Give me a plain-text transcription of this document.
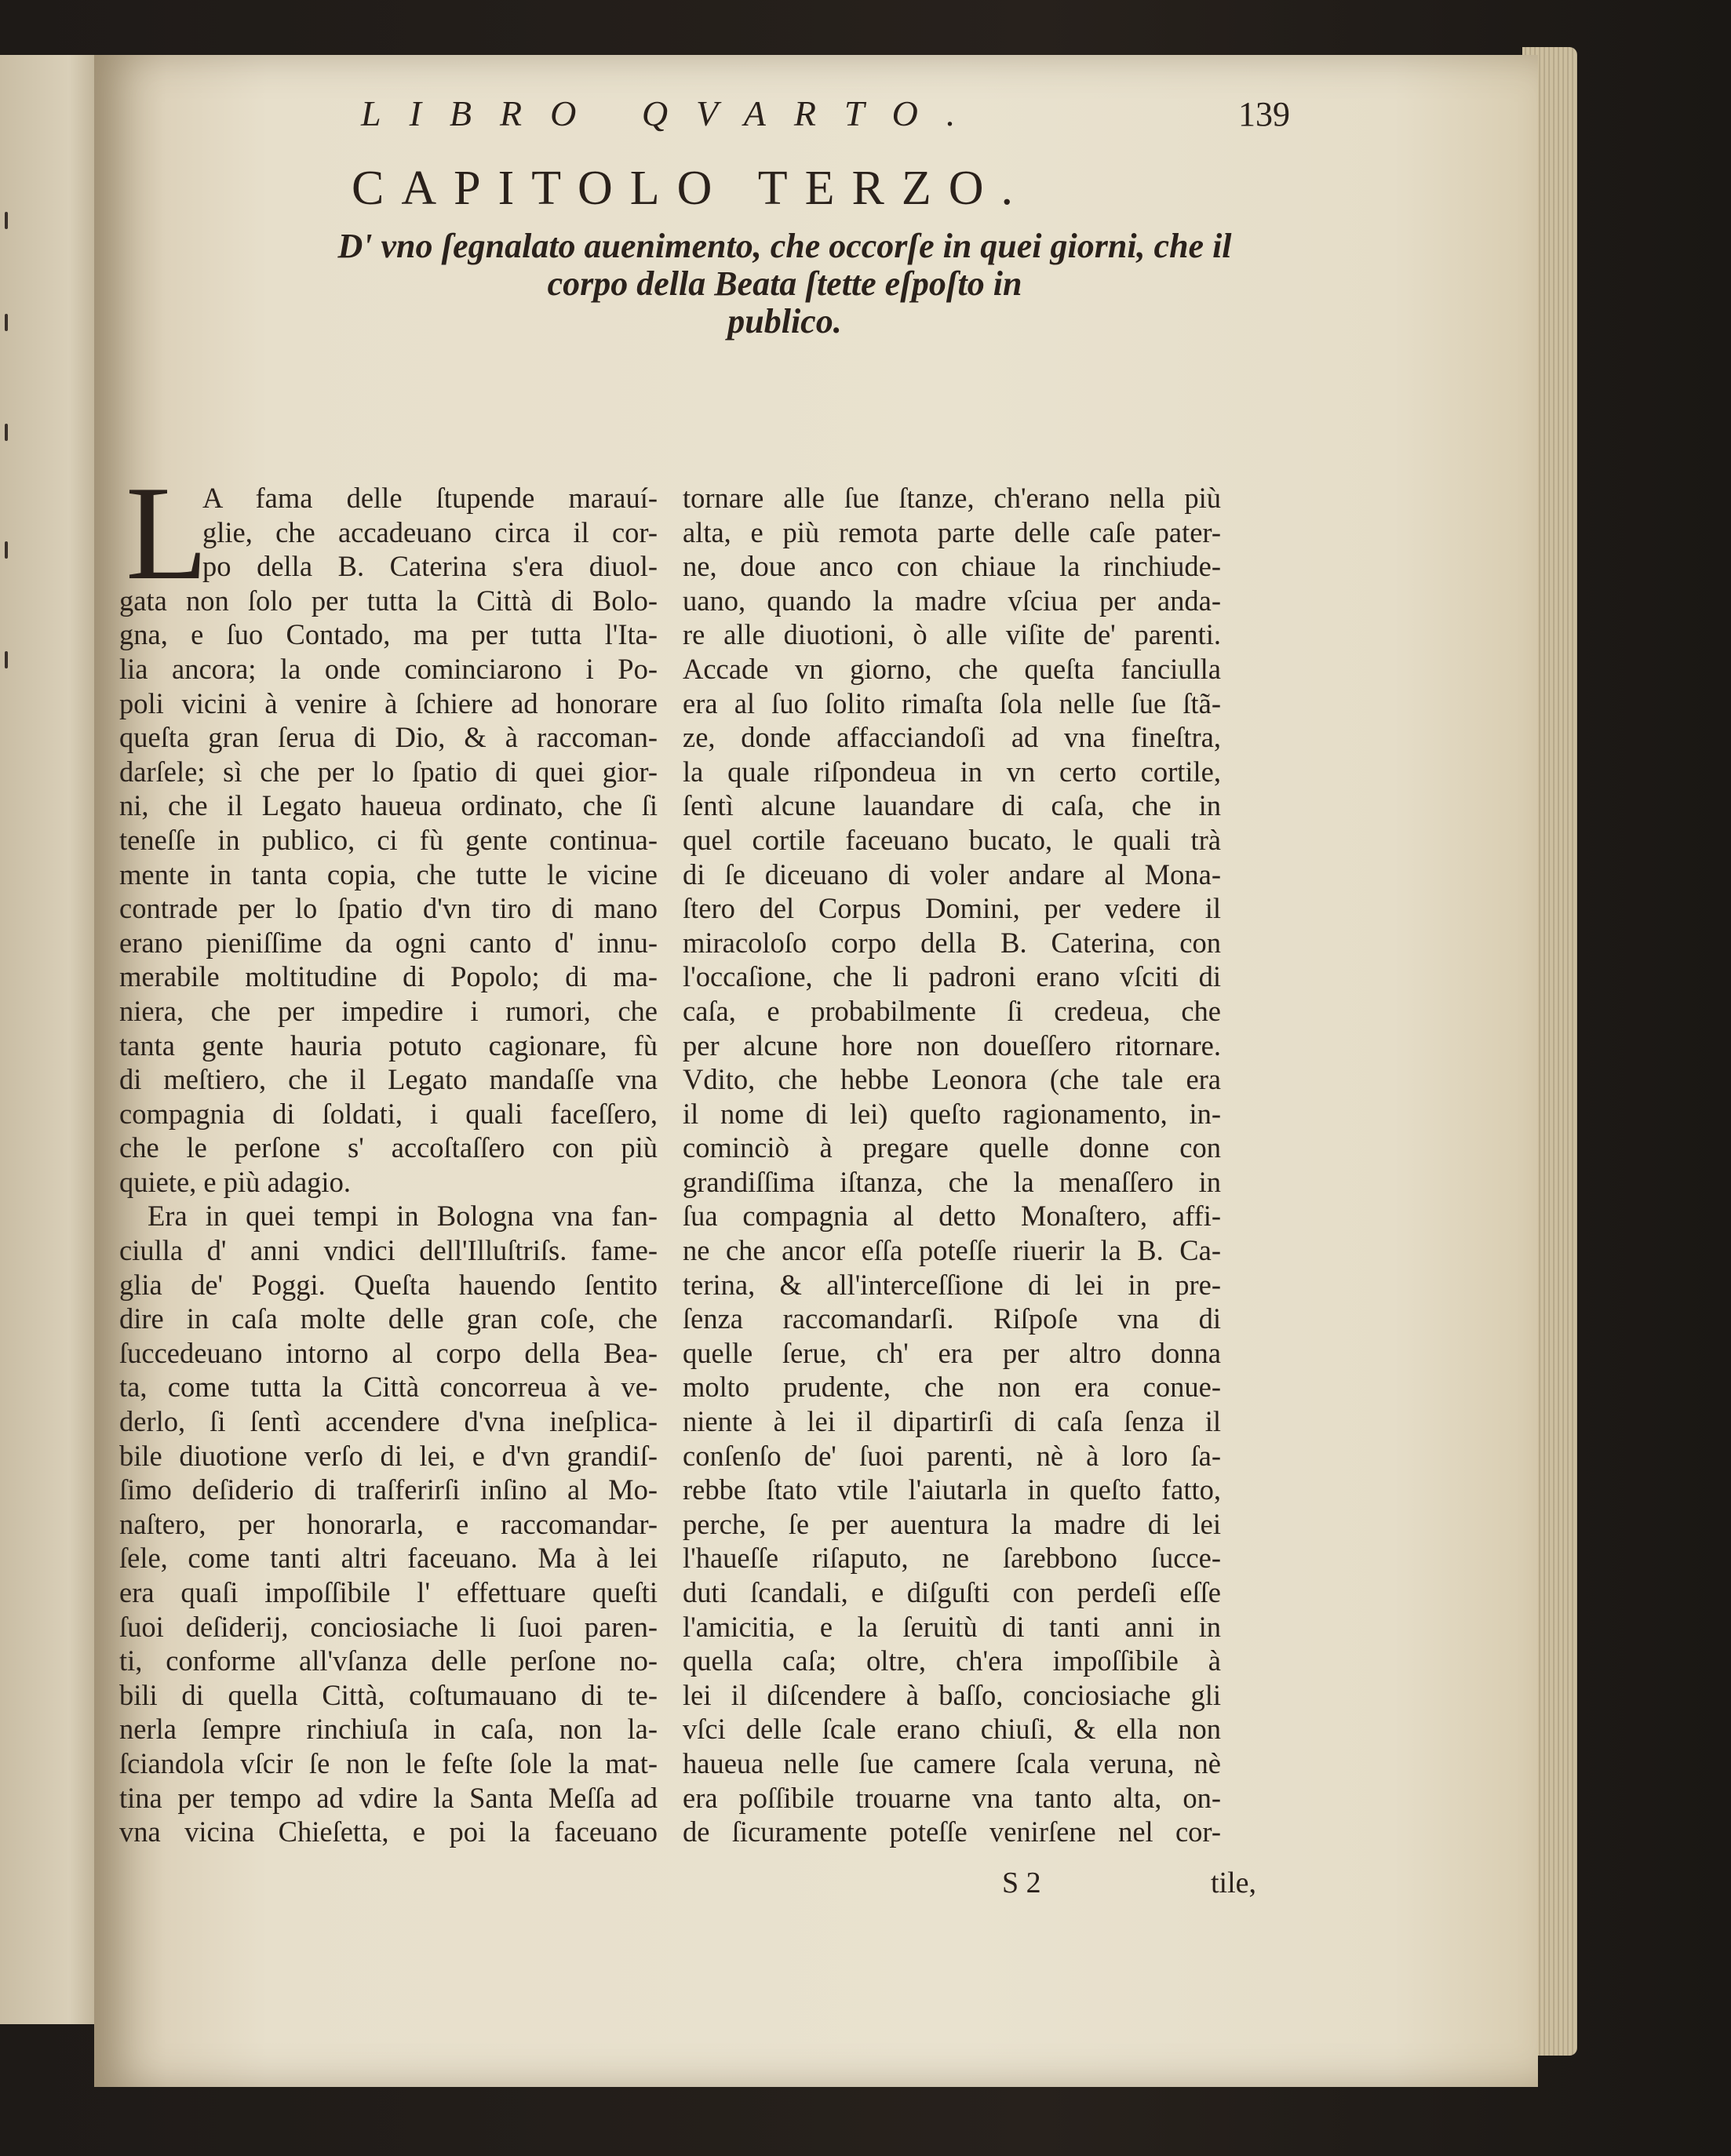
LIBRO QVARTO.	139
CAPITOLO TERZO.
D' vno ſegnalato auenimento, che occorſe in quei giorni, che il
corpo della Beata ſtette eſpoſto in
publico.
L
A fama delle ſtupende marauí-
glie, che accadeuano circa il cor-
po della B. Caterina s'era diuol-
gata non ſolo per tutta la Città di Bolo-
gna, e ſuo Contado, ma per tutta l'Ita-
lia ancora; la onde cominciarono i Po-
poli vicini à venire à ſchiere ad honorare
queſta gran ſerua di Dio, & à raccoman-
darſele; sì che per lo ſpatio di quei gior-
ni, che il Legato haueua ordinato, che ſi
teneſſe in publico, ci fù gente continua-
mente in tanta copia, che tutte le vicine
contrade per lo ſpatio d'vn tiro di mano
erano pieniſſime da ogni canto d' innu-
merabile moltitudine di Popolo; di ma-
niera, che per impedire i rumori, che
tanta gente hauria potuto cagionare, fù
di meſtiero, che il Legato mandaſſe vna
compagnia di ſoldati, i quali faceſſero,
che le perſone s' accoſtaſſero con più
quiete, e più adagio.
Era in quei tempi in Bologna vna fan-
ciulla d' anni vndici dell'Illuſtriſs. fame-
glia de' Poggi. Queſta hauendo ſentito
dire in caſa molte delle gran coſe, che
ſuccedeuano intorno al corpo della Bea-
ta, come tutta la Città concorreua à ve-
derlo, ſi ſentì accendere d'vna ineſplica-
bile diuotione verſo di lei, e d'vn grandiſ-
ſimo deſiderio di traſferirſi inſino al Mo-
naſtero, per honorarla, e raccomandar-
ſele, come tanti altri faceuano. Ma à lei
era quaſi impoſſibile l' effettuare queſti
ſuoi deſiderij, conciosiache li ſuoi paren-
ti, conforme all'vſanza delle perſone no-
bili di quella Città, coſtumauano di te-
nerla ſempre rinchiuſa in caſa, non la-
ſciandola vſcir ſe non le feſte ſole la mat-
tina per tempo ad vdire la Santa Meſſa ad
vna vicina Chieſetta, e poi la faceuano
tornare alle ſue ſtanze, ch'erano nella più
alta, e più remota parte delle caſe pater-
ne, doue anco con chiaue la rinchiude-
uano, quando la madre vſciua per anda-
re alle diuotioni, ò alle viſite de' parenti.
Accade vn giorno, che queſta fanciulla
era al ſuo ſolito rimaſta ſola nelle ſue ſtã-
ze, donde affacciandoſi ad vna fineſtra,
la quale riſpondeua in vn certo cortile,
ſentì alcune lauandare di caſa, che in
quel cortile faceuano bucato, le quali trà
di ſe diceuano di voler andare al Mona-
ſtero del Corpus Domini, per vedere il
miracoloſo corpo della B. Caterina, con
l'occaſione, che li padroni erano vſciti di
caſa, e probabilmente ſi credeua, che
per alcune hore non doueſſero ritornare.
Vdito, che hebbe Leonora (che tale era
il nome di lei) queſto ragionamento, in-
cominciò à pregare quelle donne con
grandiſſima iſtanza, che la menaſſero in
ſua compagnia al detto Monaſtero, affi-
ne che ancor eſſa poteſſe riuerir la B. Ca-
terina, & all'interceſſione di lei in pre-
ſenza raccomandarſi. Riſpoſe vna di
quelle ſerue, ch' era per altro donna
molto prudente, che non era conue-
niente à lei il dipartirſi di caſa ſenza il
conſenſo de' ſuoi parenti, nè à loro ſa-
rebbe ſtato vtile l'aiutarla in queſto fatto,
perche, ſe per auentura la madre di lei
l'haueſſe riſaputo, ne ſarebbono ſucce-
duti ſcandali, e diſguſti con perdeſi eſſe
l'amicitia, e la ſeruitù di tanti anni in
quella caſa; oltre, ch'era impoſſibile à
lei il diſcendere à baſſo, conciosiache gli
vſci delle ſcale erano chiuſi, & ella non
haueua nelle ſue camere ſcala veruna, nè
era poſſibile trouarne vna tanto alta, on-
de ſicuramente poteſſe venirſene nel cor-
S 2	tile,
